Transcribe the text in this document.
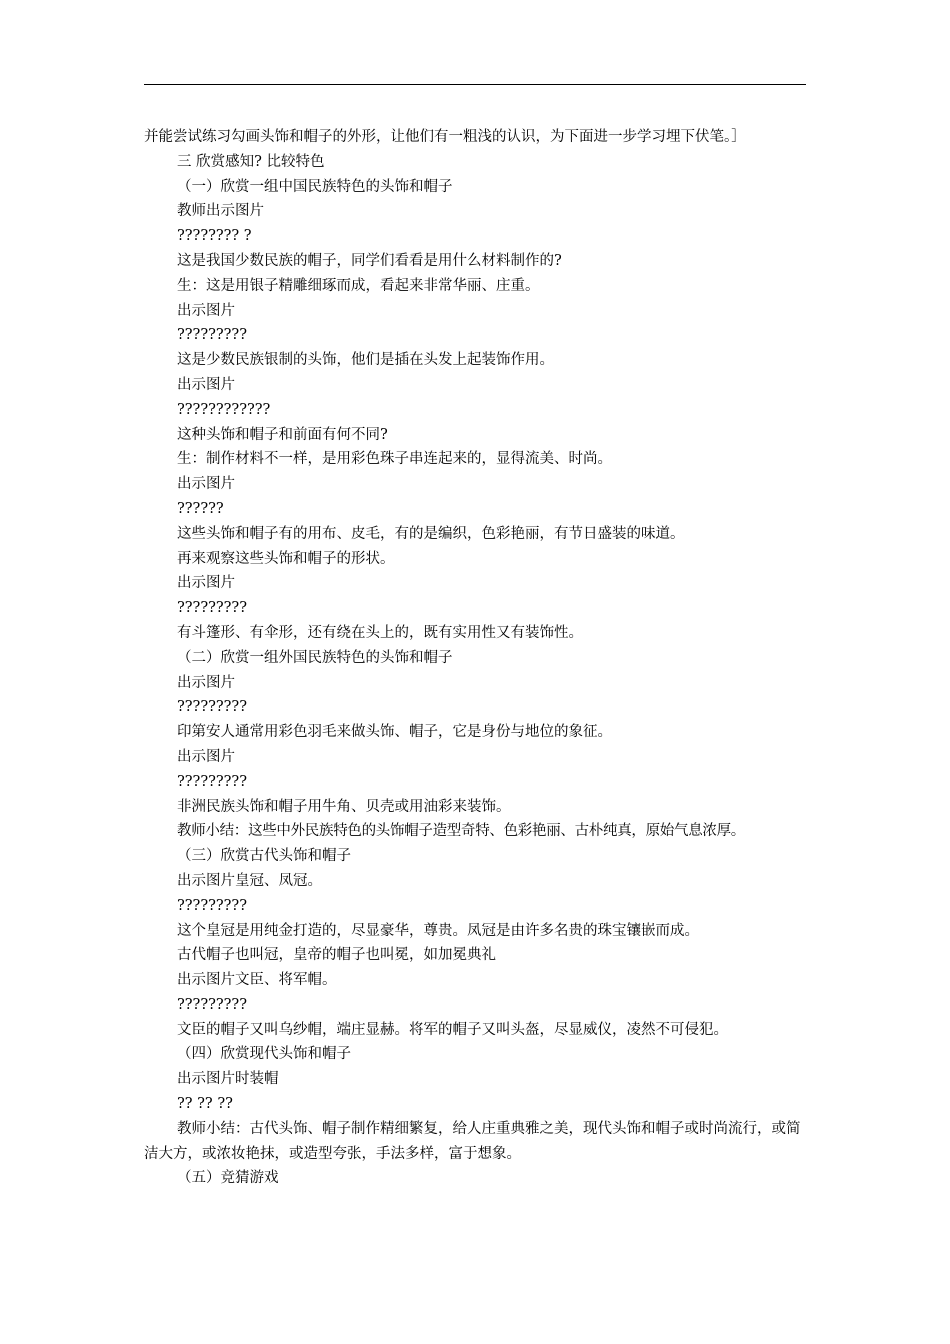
并能尝试练习勾画头饰和帽子的外形，让他们有一粗浅的认识，为下面进一步学习埋下伏笔。］

三 欣赏感知? 比较特色

（一）欣赏一组中国民族特色的头饰和帽子

教师出示图片

???????? ?

这是我国少数民族的帽子，同学们看看是用什么材料制作的?

生：这是用银子精雕细琢而成，看起来非常华丽、庄重。

出示图片

?????????

这是少数民族银制的头饰，他们是插在头发上起装饰作用。

出示图片

????????????

这种头饰和帽子和前面有何不同?

生：制作材料不一样，是用彩色珠子串连起来的，显得流美、时尚。

出示图片

??????

这些头饰和帽子有的用布、皮毛，有的是编织，色彩艳丽，有节日盛装的味道。

再来观察这些头饰和帽子的形状。

出示图片

?????????

有斗篷形、有伞形，还有绕在头上的，既有实用性又有装饰性。

（二）欣赏一组外国民族特色的头饰和帽子

出示图片

?????????

印第安人通常用彩色羽毛来做头饰、帽子，它是身份与地位的象征。

出示图片

?????????

非洲民族头饰和帽子用牛角、贝壳或用油彩来装饰。

教师小结：这些中外民族特色的头饰帽子造型奇特、色彩艳丽、古朴纯真，原始气息浓厚。

（三）欣赏古代头饰和帽子

出示图片皇冠、凤冠。

?????????

这个皇冠是用纯金打造的，尽显豪华，尊贵。凤冠是由许多名贵的珠宝镶嵌而成。

古代帽子也叫冠，皇帝的帽子也叫冕，如加冕典礼

出示图片文臣、将军帽。

?????????

文臣的帽子又叫乌纱帽，端庄显赫。将军的帽子又叫头盔，尽显威仪，凌然不可侵犯。

（四）欣赏现代头饰和帽子

出示图片时装帽

?? ?? ??

教师小结：古代头饰、帽子制作精细繁复，给人庄重典雅之美，现代头饰和帽子或时尚流行，或简洁大方，或浓妆艳抹，或造型夸张，手法多样，富于想象。

（五）竞猜游戏
